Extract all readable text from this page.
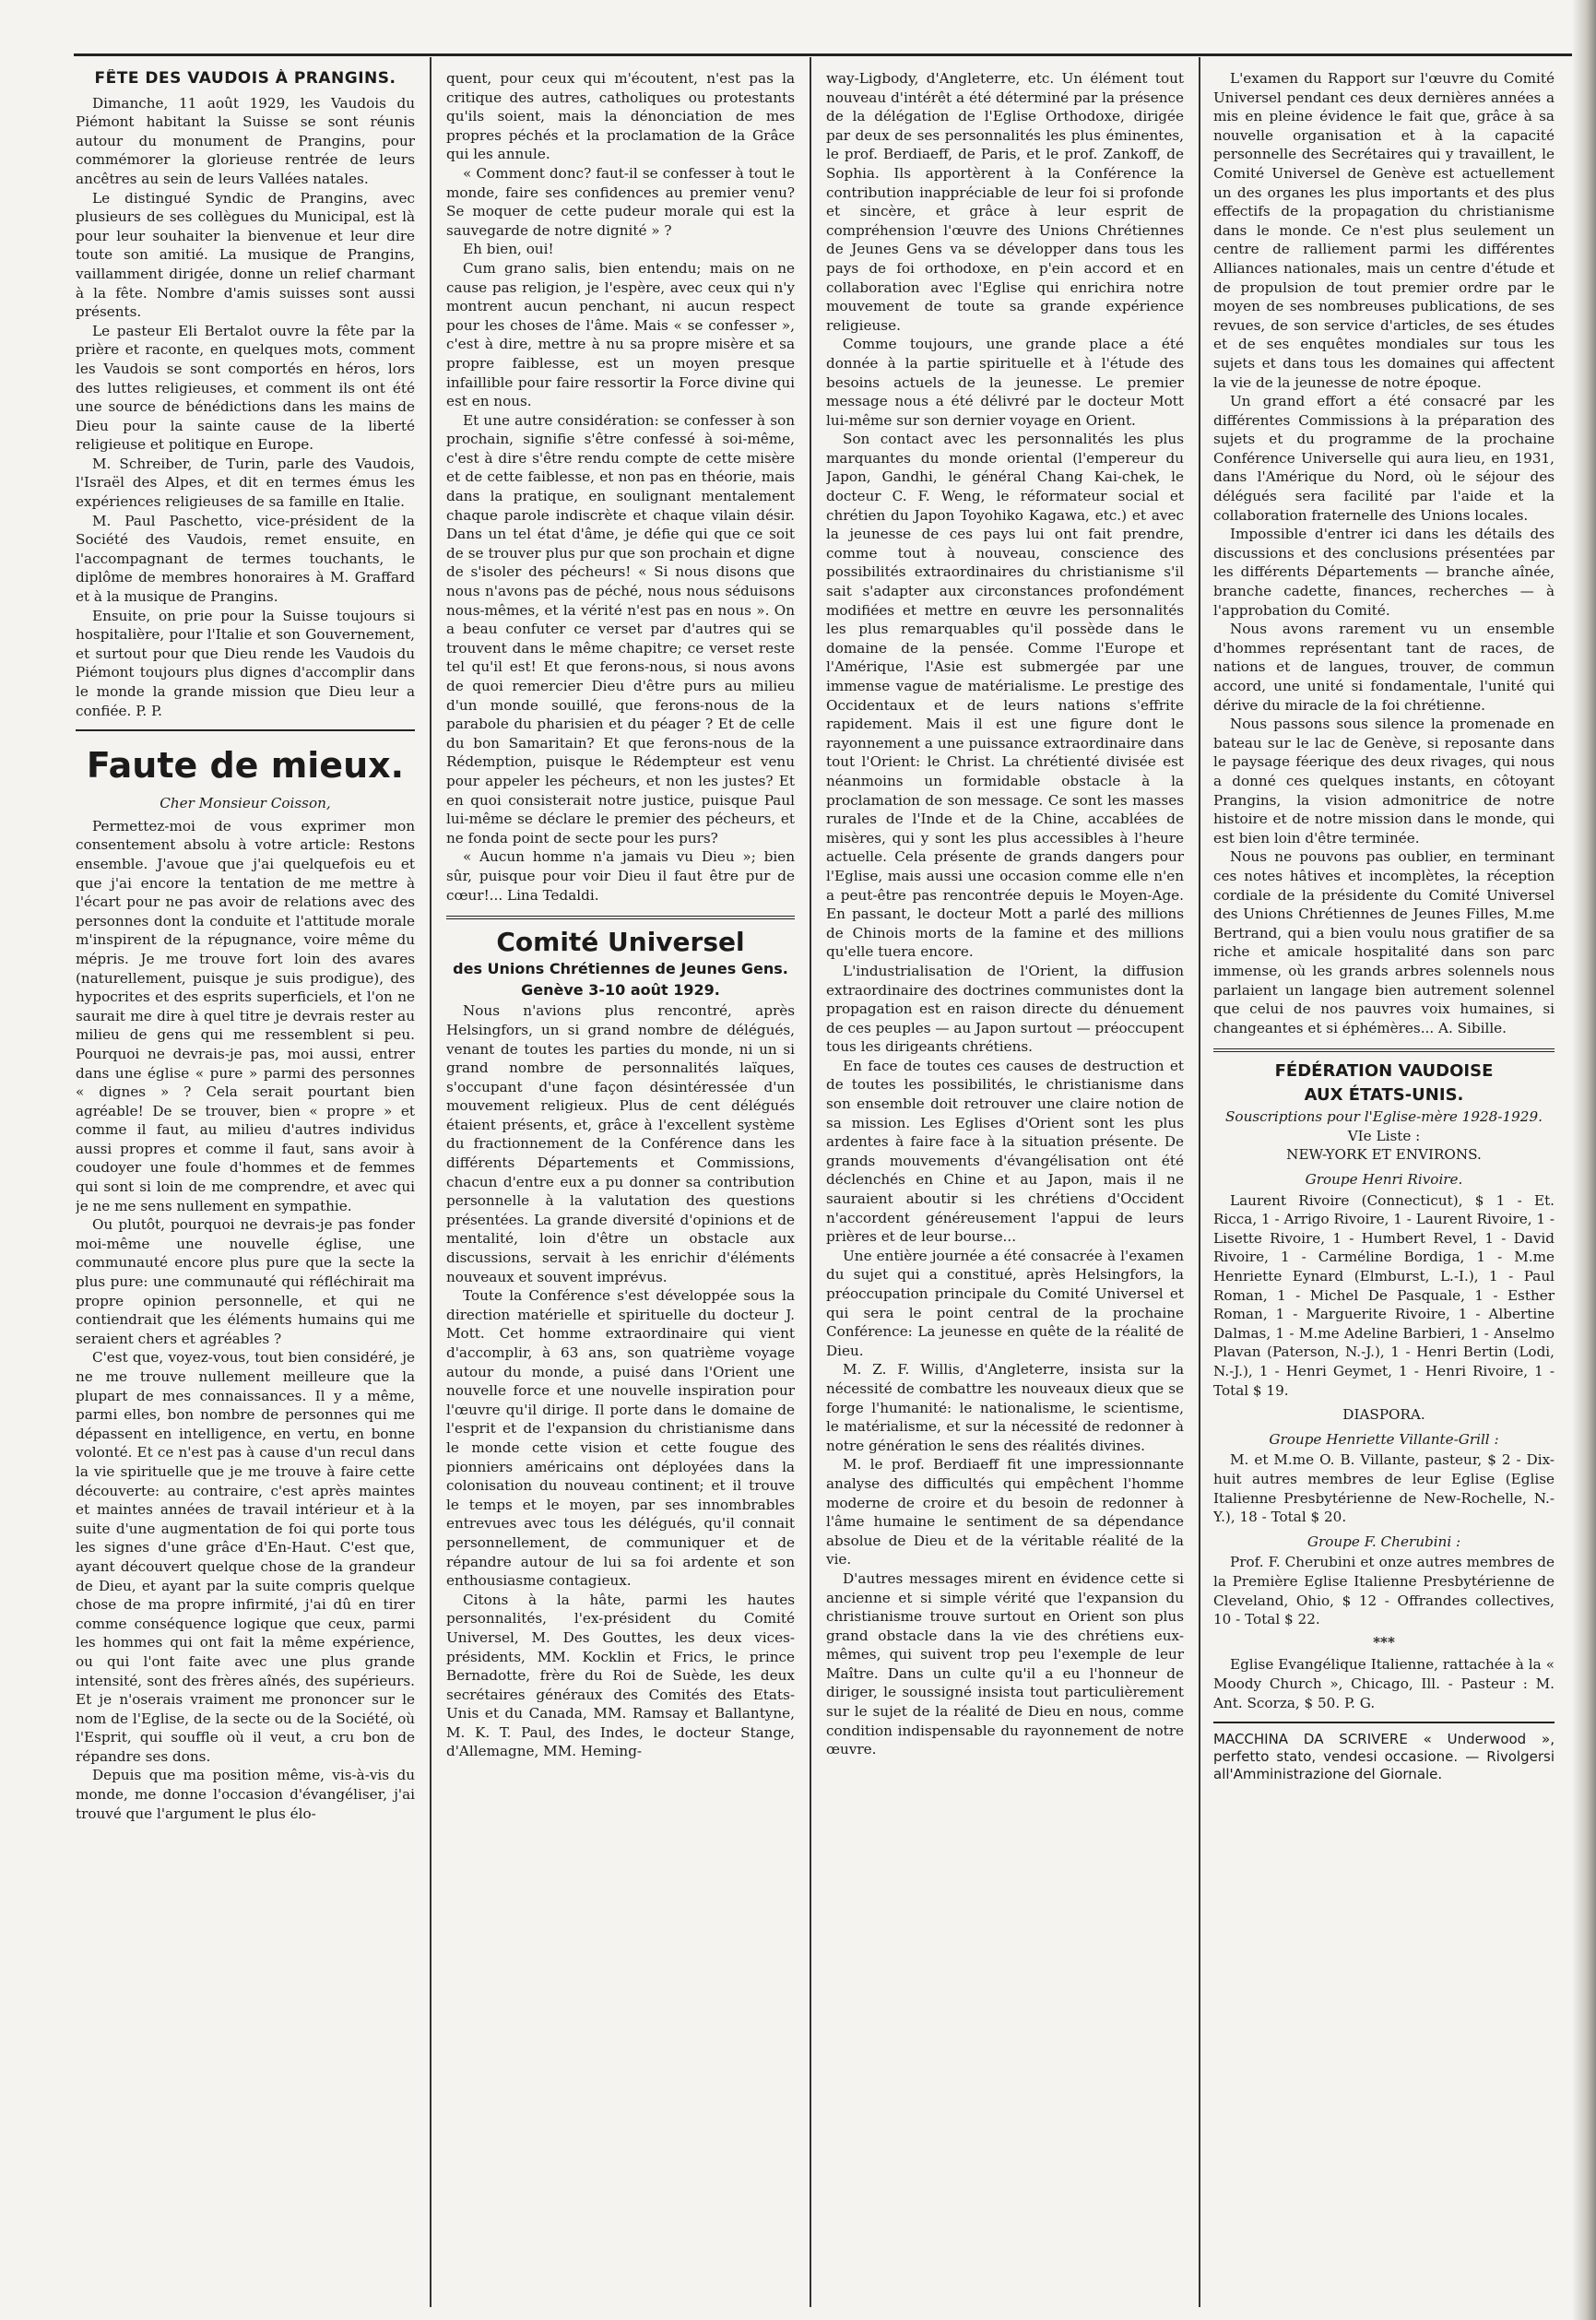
FÊTE DES VAUDOIS À PRANGINS.

Dimanche, 11 août 1929, les Vaudois du Piémont habitant la Suisse se sont réunis autour du monument de Prangins, pour commémorer la glorieuse rentrée de leurs ancêtres au sein de leurs Vallées natales.

Le distingué Syndic de Prangins, avec plusieurs de ses collègues du Municipal, est là pour leur souhaiter la bienvenue et leur dire toute son amitié. La musique de Prangins, vaillamment dirigée, donne un relief charmant à la fête. Nombre d'amis suisses sont aussi présents.

Le pasteur Eli Bertalot ouvre la fête par la prière et raconte, en quelques mots, comment les Vaudois se sont comportés en héros, lors des luttes religieuses, et comment ils ont été une source de bénédictions dans les mains de Dieu pour la sainte cause de la liberté religieuse et politique en Europe.

M. Schreiber, de Turin, parle des Vaudois, l'Israël des Alpes, et dit en termes émus les expériences religieuses de sa famille en Italie.

M. Paul Paschetto, vice-président de la Société des Vaudois, remet ensuite, en l'accompagnant de termes touchants, le diplôme de membres honoraires à M. Graffard et à la musique de Prangins.

Ensuite, on prie pour la Suisse toujours si hospitalière, pour l'Italie et son Gouvernement, et surtout pour que Dieu rende les Vaudois du Piémont toujours plus dignes d'accomplir dans le monde la grande mission que Dieu leur a confiée. P. P.

Faute de mieux.
Cher Monsieur Coisson,

Permettez-moi de vous exprimer mon consentement absolu à votre article: Restons ensemble. J'avoue que j'ai quelquefois eu et que j'ai encore la tentation de me mettre à l'écart pour ne pas avoir de relations avec des personnes dont la conduite et l'attitude morale m'inspirent de la répugnance, voire même du mépris. Je me trouve fort loin des avares (naturellement, puisque je suis prodigue), des hypocrites et des esprits superficiels, et l'on ne saurait me dire à quel titre je devrais rester au milieu de gens qui me ressemblent si peu. Pourquoi ne devrais-je pas, moi aussi, entrer dans une église « pure » parmi des personnes « dignes » ? Cela serait pourtant bien agréable! De se trouver, bien « propre » et comme il faut, au milieu d'autres individus aussi propres et comme il faut, sans avoir à coudoyer une foule d'hommes et de femmes qui sont si loin de me comprendre, et avec qui je ne me sens nullement en sympathie.

Ou plutôt, pourquoi ne devrais-je pas fonder moi-même une nouvelle église, une communauté encore plus pure que la secte la plus pure: une communauté qui réfléchirait ma propre opinion personnelle, et qui ne contiendrait que les éléments humains qui me seraient chers et agréables ?

C'est que, voyez-vous, tout bien considéré, je ne me trouve nullement meilleure que la plupart de mes connaissances. Il y a même, parmi elles, bon nombre de personnes qui me dépassent en intelligence, en vertu, en bonne volonté. Et ce n'est pas à cause d'un recul dans la vie spirituelle que je me trouve à faire cette découverte: au contraire, c'est après maintes et maintes années de travail intérieur et à la suite d'une augmentation de foi qui porte tous les signes d'une grâce d'En-Haut. C'est que, ayant découvert quelque chose de la grandeur de Dieu, et ayant par la suite compris quelque chose de ma propre infirmité, j'ai dû en tirer comme conséquence logique que ceux, parmi les hommes qui ont fait la même expérience, ou qui l'ont faite avec une plus grande intensité, sont des frères aînés, des supérieurs. Et je n'oserais vraiment me prononcer sur le nom de l'Eglise, de la secte ou de la Société, où l'Esprit, qui souffle où il veut, a cru bon de répandre ses dons.

Depuis que ma position même, vis-à-vis du monde, me donne l'occasion d'évangéliser, j'ai trouvé que l'argument le plus élo-

quent, pour ceux qui m'écoutent, n'est pas la critique des autres, catholiques ou protestants qu'ils soient, mais la dénonciation de mes propres péchés et la proclamation de la Grâce qui les annule.

« Comment donc? faut-il se confesser à tout le monde, faire ses confidences au premier venu? Se moquer de cette pudeur morale qui est la sauvegarde de notre dignité » ?

Eh bien, oui!

Cum grano salis, bien entendu; mais on ne cause pas religion, je l'espère, avec ceux qui n'y montrent aucun penchant, ni aucun respect pour les choses de l'âme. Mais « se confesser », c'est à dire, mettre à nu sa propre misère et sa propre faiblesse, est un moyen presque infaillible pour faire ressortir la Force divine qui est en nous.

Et une autre considération: se confesser à son prochain, signifie s'être confessé à soi-même, c'est à dire s'être rendu compte de cette misère et de cette faiblesse, et non pas en théorie, mais dans la pratique, en soulignant mentalement chaque parole indiscrète et chaque vilain désir. Dans un tel état d'âme, je défie qui que ce soit de se trouver plus pur que son prochain et digne de s'isoler des pécheurs! « Si nous disons que nous n'avons pas de péché, nous nous séduisons nous-mêmes, et la vérité n'est pas en nous ». On a beau confuter ce verset par d'autres qui se trouvent dans le même chapitre; ce verset reste tel qu'il est! Et que ferons-nous, si nous avons de quoi remercier Dieu d'être purs au milieu d'un monde souillé, que ferons-nous de la parabole du pharisien et du péager ? Et de celle du bon Samaritain? Et que ferons-nous de la Rédemption, puisque le Rédempteur est venu pour appeler les pécheurs, et non les justes? Et en quoi consisterait notre justice, puisque Paul lui-même se déclare le premier des pécheurs, et ne fonda point de secte pour les purs?

« Aucun homme n'a jamais vu Dieu »; bien sûr, puisque pour voir Dieu il faut être pur de cœur!... Lina Tedaldi.

Comité Universel
des Unions Chrétiennes de Jeunes Gens.
Genève 3-10 août 1929.

Nous n'avions plus rencontré, après Helsingfors, un si grand nombre de délégués, venant de toutes les parties du monde, ni un si grand nombre de personnalités laïques, s'occupant d'une façon désintéressée d'un mouvement religieux. Plus de cent délégués étaient présents, et, grâce à l'excellent système du fractionnement de la Conférence dans les différents Départements et Commissions, chacun d'entre eux a pu donner sa contribution personnelle à la valutation des questions présentées. La grande diversité d'opinions et de mentalité, loin d'être un obstacle aux discussions, servait à les enrichir d'éléments nouveaux et souvent imprévus.

Toute la Conférence s'est développée sous la direction matérielle et spirituelle du docteur J. Mott. Cet homme extraordinaire qui vient d'accomplir, à 63 ans, son quatrième voyage autour du monde, a puisé dans l'Orient une nouvelle force et une nouvelle inspiration pour l'œuvre qu'il dirige. Il porte dans le domaine de l'esprit et de l'expansion du christianisme dans le monde cette vision et cette fougue des pionniers américains ont déployées dans la colonisation du nouveau continent; et il trouve le temps et le moyen, par ses innombrables entrevues avec tous les délégués, qu'il connait personnellement, de communiquer et de répandre autour de lui sa foi ardente et son enthousiasme contagieux.

Citons à la hâte, parmi les hautes personnalités, l'ex-président du Comité Universel, M. Des Gouttes, les deux vices-présidents, MM. Kocklin et Frics, le prince Bernadotte, frère du Roi de Suède, les deux secrétaires généraux des Comités des Etats-Unis et du Canada, MM. Ramsay et Ballantyne, M. K. T. Paul, des Indes, le docteur Stange, d'Allemagne, MM. Heming-

way-Ligbody, d'Angleterre, etc. Un élément tout nouveau d'intérêt a été déterminé par la présence de la délégation de l'Eglise Orthodoxe, dirigée par deux de ses personnalités les plus éminentes, le prof. Berdiaeff, de Paris, et le prof. Zankoff, de Sophia. Ils apportèrent à la Conférence la contribution inappréciable de leur foi si profonde et sincère, et grâce à leur esprit de compréhension l'œuvre des Unions Chrétiennes de Jeunes Gens va se développer dans tous les pays de foi orthodoxe, en p'ein accord et en collaboration avec l'Eglise qui enrichira notre mouvement de toute sa grande expérience religieuse.

Comme toujours, une grande place a été donnée à la partie spirituelle et à l'étude des besoins actuels de la jeunesse. Le premier message nous a été délivré par le docteur Mott lui-même sur son dernier voyage en Orient.

Son contact avec les personnalités les plus marquantes du monde oriental (l'empereur du Japon, Gandhi, le général Chang Kai-chek, le docteur C. F. Weng, le réformateur social et chrétien du Japon Toyohiko Kagawa, etc.) et avec la jeunesse de ces pays lui ont fait prendre, comme tout à nouveau, conscience des possibilités extraordinaires du christianisme s'il sait s'adapter aux circonstances profondément modifiées et mettre en œuvre les personnalités les plus remarquables qu'il possède dans le domaine de la pensée. Comme l'Europe et l'Amérique, l'Asie est submergée par une immense vague de matérialisme. Le prestige des Occidentaux et de leurs nations s'effrite rapidement. Mais il est une figure dont le rayonnement a une puissance extraordinaire dans tout l'Orient: le Christ. La chrétienté divisée est néanmoins un formidable obstacle à la proclamation de son message. Ce sont les masses rurales de l'Inde et de la Chine, accablées de misères, qui y sont les plus accessibles à l'heure actuelle. Cela présente de grands dangers pour l'Eglise, mais aussi une occasion comme elle n'en a peut-être pas rencontrée depuis le Moyen-Age. En passant, le docteur Mott a parlé des millions de Chinois morts de la famine et des millions qu'elle tuera encore.

L'industrialisation de l'Orient, la diffusion extraordinaire des doctrines communistes dont la propagation est en raison directe du dénuement de ces peuples — au Japon surtout — préoccupent tous les dirigeants chrétiens.

En face de toutes ces causes de destruction et de toutes les possibilités, le christianisme dans son ensemble doit retrouver une claire notion de sa mission. Les Eglises d'Orient sont les plus ardentes à faire face à la situation présente. De grands mouvements d'évangélisation ont été déclenchés en Chine et au Japon, mais il ne sauraient aboutir si les chrétiens d'Occident n'accordent généreusement l'appui de leurs prières et de leur bourse...

Une entière journée a été consacrée à l'examen du sujet qui a constitué, après Helsingfors, la préoccupation principale du Comité Universel et qui sera le point central de la prochaine Conférence: La jeunesse en quête de la réalité de Dieu.

M. Z. F. Willis, d'Angleterre, insista sur la nécessité de combattre les nouveaux dieux que se forge l'humanité: le nationalisme, le scientisme, le matérialisme, et sur la nécessité de redonner à notre génération le sens des réalités divines.

M. le prof. Berdiaeff fit une impressionnante analyse des difficultés qui empêchent l'homme moderne de croire et du besoin de redonner à l'âme humaine le sentiment de sa dépendance absolue de Dieu et de la véritable réalité de la vie.

D'autres messages mirent en évidence cette si ancienne et si simple vérité que l'expansion du christianisme trouve surtout en Orient son plus grand obstacle dans la vie des chrétiens eux-mêmes, qui suivent trop peu l'exemple de leur Maître. Dans un culte qu'il a eu l'honneur de diriger, le soussigné insista tout particulièrement sur le sujet de la réalité de Dieu en nous, comme condition indispensable du rayonnement de notre œuvre.

L'examen du Rapport sur l'œuvre du Comité Universel pendant ces deux dernières années a mis en pleine évidence le fait que, grâce à sa nouvelle organisation et à la capacité personnelle des Secrétaires qui y travaillent, le Comité Universel de Genève est actuellement un des organes les plus importants et des plus effectifs de la propagation du christianisme dans le monde. Ce n'est plus seulement un centre de ralliement parmi les différentes Alliances nationales, mais un centre d'étude et de propulsion de tout premier ordre par le moyen de ses nombreuses publications, de ses revues, de son service d'articles, de ses études et de ses enquêtes mondiales sur tous les sujets et dans tous les domaines qui affectent la vie de la jeunesse de notre époque.

Un grand effort a été consacré par les différentes Commissions à la préparation des sujets et du programme de la prochaine Conférence Universelle qui aura lieu, en 1931, dans l'Amérique du Nord, où le séjour des délégués sera facilité par l'aide et la collaboration fraternelle des Unions locales.

Impossible d'entrer ici dans les détails des discussions et des conclusions présentées par les différents Départements — branche aînée, branche cadette, finances, recherches — à l'approbation du Comité.

Nous avons rarement vu un ensemble d'hommes représentant tant de races, de nations et de langues, trouver, de commun accord, une unité si fondamentale, l'unité qui dérive du miracle de la foi chrétienne.

Nous passons sous silence la promenade en bateau sur le lac de Genève, si reposante dans le paysage féerique des deux rivages, qui nous a donné ces quelques instants, en côtoyant Prangins, la vision admonitrice de notre histoire et de notre mission dans le monde, qui est bien loin d'être terminée.

Nous ne pouvons pas oublier, en terminant ces notes hâtives et incomplètes, la réception cordiale de la présidente du Comité Universel des Unions Chrétiennes de Jeunes Filles, M.me Bertrand, qui a bien voulu nous gratifier de sa riche et amicale hospitalité dans son parc immense, où les grands arbres solennels nous parlaient un langage bien autrement solennel que celui de nos pauvres voix humaines, si changeantes et si éphémères... A. Sibille.

FÉDÉRATION VAUDOISE
AUX ÉTATS-UNIS.
Souscriptions pour l'Eglise-mère 1928-1929.
VIe Liste :
NEW-YORK ET ENVIRONS.
Groupe Henri Rivoire.

Laurent Rivoire (Connecticut), $ 1 - Et. Ricca, 1 - Arrigo Rivoire, 1 - Laurent Rivoire, 1 - Lisette Rivoire, 1 - Humbert Revel, 1 - David Rivoire, 1 - Carméline Bordiga, 1 - M.me Henriette Eynard (Elmburst, L.-I.), 1 - Paul Roman, 1 - Michel De Pasquale, 1 - Esther Roman, 1 - Marguerite Rivoire, 1 - Albertine Dalmas, 1 - M.me Adeline Barbieri, 1 - Anselmo Plavan (Paterson, N.-J.), 1 - Henri Bertin (Lodi, N.-J.), 1 - Henri Geymet, 1 - Henri Rivoire, 1 - Total $ 19.

DIASPORA.
Groupe Henriette Villante-Grill :

M. et M.me O. B. Villante, pasteur, $ 2 - Dix-huit autres membres de leur Eglise (Eglise Italienne Presbytérienne de New-Rochelle, N.-Y.), 18 - Total $ 20.

Groupe F. Cherubini :

Prof. F. Cherubini et onze autres membres de la Première Eglise Italienne Presbytérienne de Cleveland, Ohio, $ 12 - Offrandes collectives, 10 - Total $ 22.

***

Eglise Evangélique Italienne, rattachée à la « Moody Church », Chicago, Ill. - Pasteur : M. Ant. Scorza, $ 50. P. G.

MACCHINA DA SCRIVERE « Underwood », perfetto stato, vendesi occasione. — Rivolgersi all'Amministrazione del Giornale.
